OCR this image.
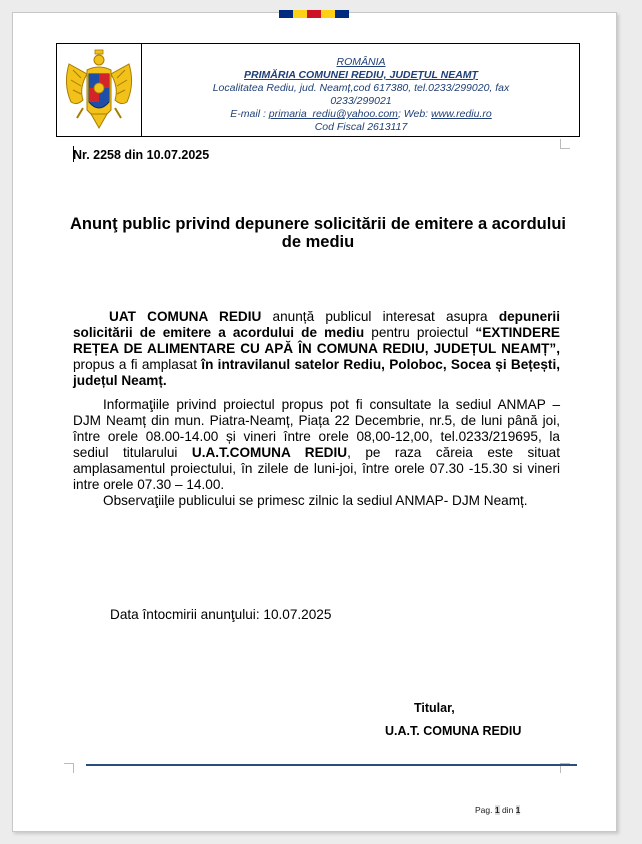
ROMÂNIA
PRIMĂRIA COMUNEI REDIU, JUDEȚUL NEAMȚ
Localitatea Rediu, jud. Neamț,cod 617380, tel.0233/299020, fax
0233/299021
E-mail : primaria_rediu@yahoo.com; Web: www.rediu.ro
Cod Fiscal 2613117
Nr. 2258 din 10.07.2025
Anunţ public privind depunere solicitării de emitere a acordului de mediu

UAT COMUNA REDIU anunță publicul interesat asupra depunerii solicitării de emitere a acordului de mediu pentru proiectul “EXTINDERE REȚEA DE ALIMENTARE CU APĂ ÎN COMUNA REDIU, JUDEȚUL NEAMȚ”, propus a fi amplasat în intravilanul satelor Rediu, Poloboc, Socea și Bețești, județul Neamț.

Informaţiile privind proiectul propus pot fi consultate la sediul ANMAP – DJM Neamț din mun. Piatra-Neamț, Piața 22 Decembrie, nr.5, de luni până joi, între orele 08.00-14.00 și vineri între orele 08,00-12,00, tel.0233/219695, la sediul titularului U.A.T.COMUNA REDIU, pe raza căreia este situat amplasamentul proiectului, în zilele de luni-joi, între orele 07.30 -15.30 si vineri intre orele 07.30 – 14.00.

Observaţiile publicului se primesc zilnic la sediul ANMAP- DJM Neamț.

Data întocmirii anunţului: 10.07.2025
Titular,
U.A.T. COMUNA REDIU
Pag. 1 din 1
